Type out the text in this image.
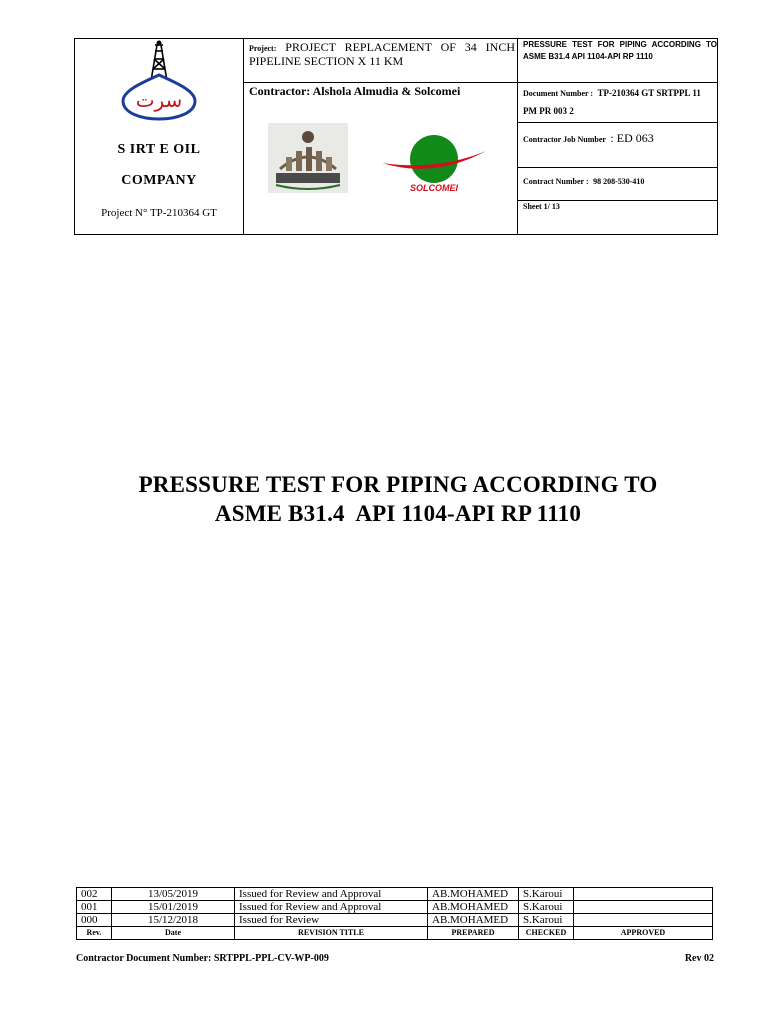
سرت
S IRT E OIL
COMPANY
Project N° TP-210364 GT
Project: PROJECT REPLACEMENT OF 34 INCH PIPELINE SECTION X 11 KM
Contractor: Alshola Almudia & Solcomei
SOLCOMEI
PRESSURE TEST FOR PIPING ACCORDING TO ASME B31.4 API 1104-API RP 1110
Document Number : TP-210364 GT SRTPPL 11 PM PR 003 2
Contractor Job Number : ED 063
Contract Number : 98 208-530-410
Sheet 1/ 13
PRESSURE TEST FOR PIPING ACCORDING TO
ASME B31.4  API 1104-API RP 1110
002	13/05/2019	Issued for Review and Approval	AB.MOHAMED	S.Karoui	
001	15/01/2019	Issued for Review and Approval	AB.MOHAMED	S.Karoui	
000	15/12/2018	Issued for Review	AB.MOHAMED	S.Karoui	
Rev.	Date	REVISION TITLE	PREPARED	CHECKED	APPROVED
Contractor Document Number: SRTPPL-PPL-CV-WP-009	Rev 02
